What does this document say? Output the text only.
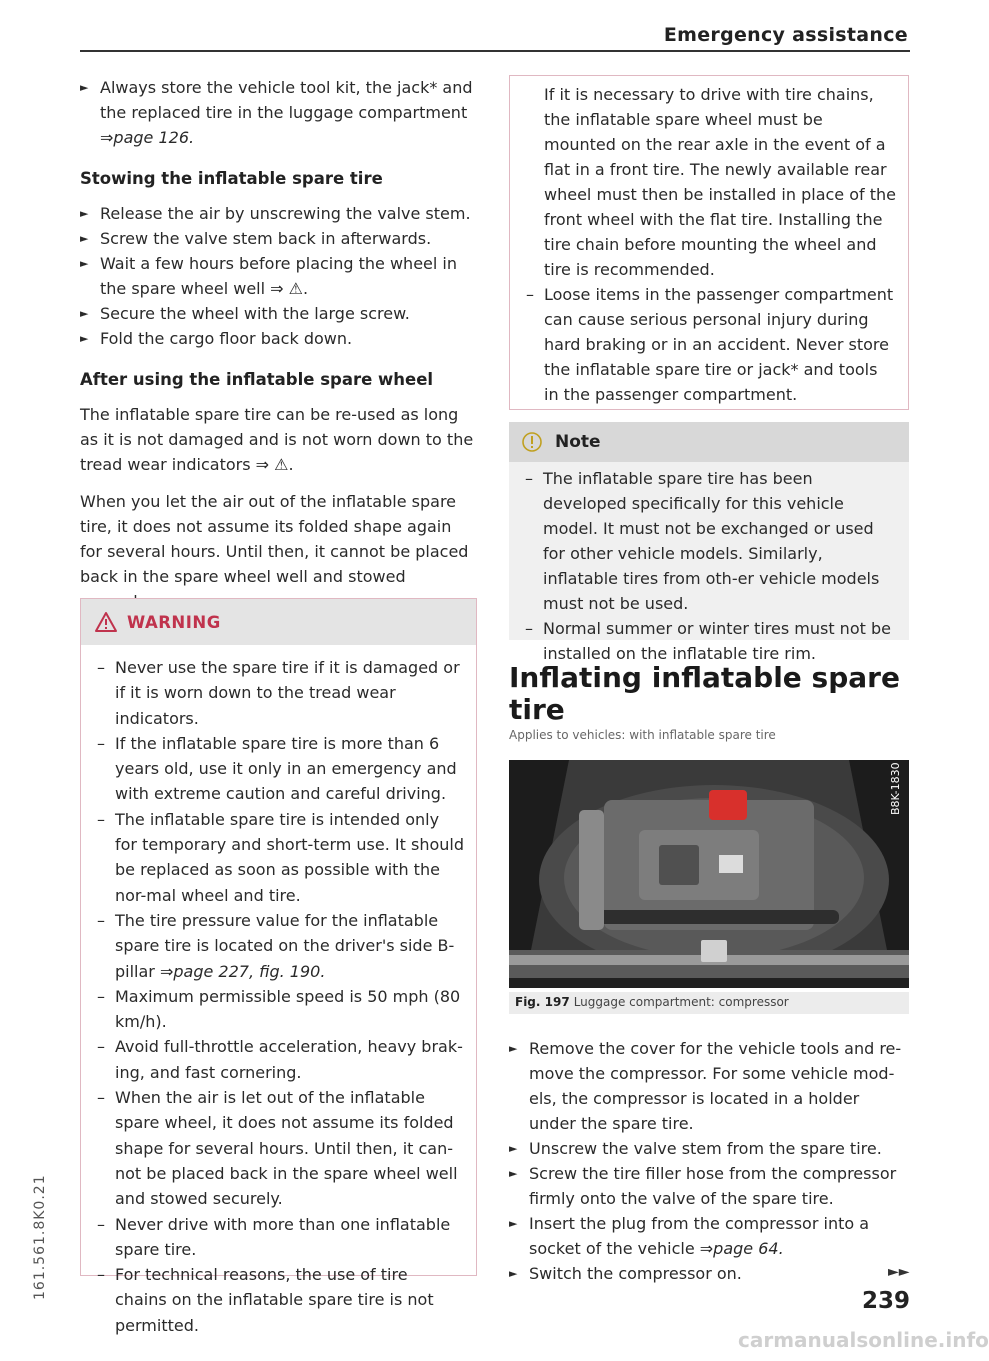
Emergency assistance
► Always store the vehicle tool kit, the jack* and the replaced tire in the luggage compartment ⇒page 126.
Stowing the inflatable spare tire
► Release the air by unscrewing the valve stem.
► Screw the valve stem back in afterwards.
► Wait a few hours before placing the wheel in the spare wheel well ⇒ ⚠.
► Secure the wheel with the large screw.
► Fold the cargo floor back down.
After using the inflatable spare wheel

The inflatable spare tire can be re-used as long as it is not damaged and is not worn down to the tread wear indicators ⇒ ⚠.

When you let the air out of the inflatable spare tire, it does not assume its folded shape again for several hours. Until then, it cannot be placed back in the spare wheel well and stowed

WARNING
– Never use the spare tire if it is damaged or if it is worn down to the tread wear indicators.
– If the inflatable spare tire is more than 6 years old, use it only in an emergency and with extreme caution and careful driving.
– The inflatable spare tire is intended only for temporary and short-term use. It should be replaced as soon as possible with the nor-mal wheel and tire.
– The tire pressure value for the inflatable spare tire is located on the driver's side B-pillar ⇒page 227, fig. 190.
– Maximum permissible speed is 50 mph (80 km/h).
– Avoid full-throttle acceleration, heavy brak-ing, and fast cornering.
– When the air is let out of the inflatable spare wheel, it does not assume its folded shape for several hours. Until then, it can-not be placed back in the spare wheel well and stowed securely.
– Never drive with more than one inflatable spare tire.
– For technical reasons, the use of tire chains on the inflatable spare tire is not permitted.
If it is necessary to drive with tire chains, the inflatable spare wheel must be mounted on the rear axle in the event of a flat in a front tire. The newly available rear wheel must then be installed in place of the front wheel with the flat tire. Installing the tire chain before mounting the wheel and tire is recommended.
– Loose items in the passenger compartment can cause serious personal injury during hard braking or in an accident. Never store the inflatable spare tire or jack* and tools in the passenger compartment.
Note
– The inflatable spare tire has been developed specifically for this vehicle model. It must not be exchanged or used for other vehicle models. Similarly, inflatable tires from oth-er vehicle models must not be used.
– Normal summer or winter tires must not be installed on the inflatable tire rim.
Inflating inflatable spare tire
Applies to vehicles: with inflatable spare tire
B8K-1830
Fig. 197 Luggage compartment: compressor
► Remove the cover for the vehicle tools and re-move the compressor. For some vehicle mod-els, the compressor is located in a holder under the spare tire.
► Unscrew the valve stem from the spare tire.
► Screw the tire filler hose from the compressor firmly onto the valve of the spare tire.
► Insert the plug from the compressor into a socket of the vehicle ⇒page 64.
► Switch the compressor on.	►►
239
161.561.8K0.21
carmanualsonline.info
